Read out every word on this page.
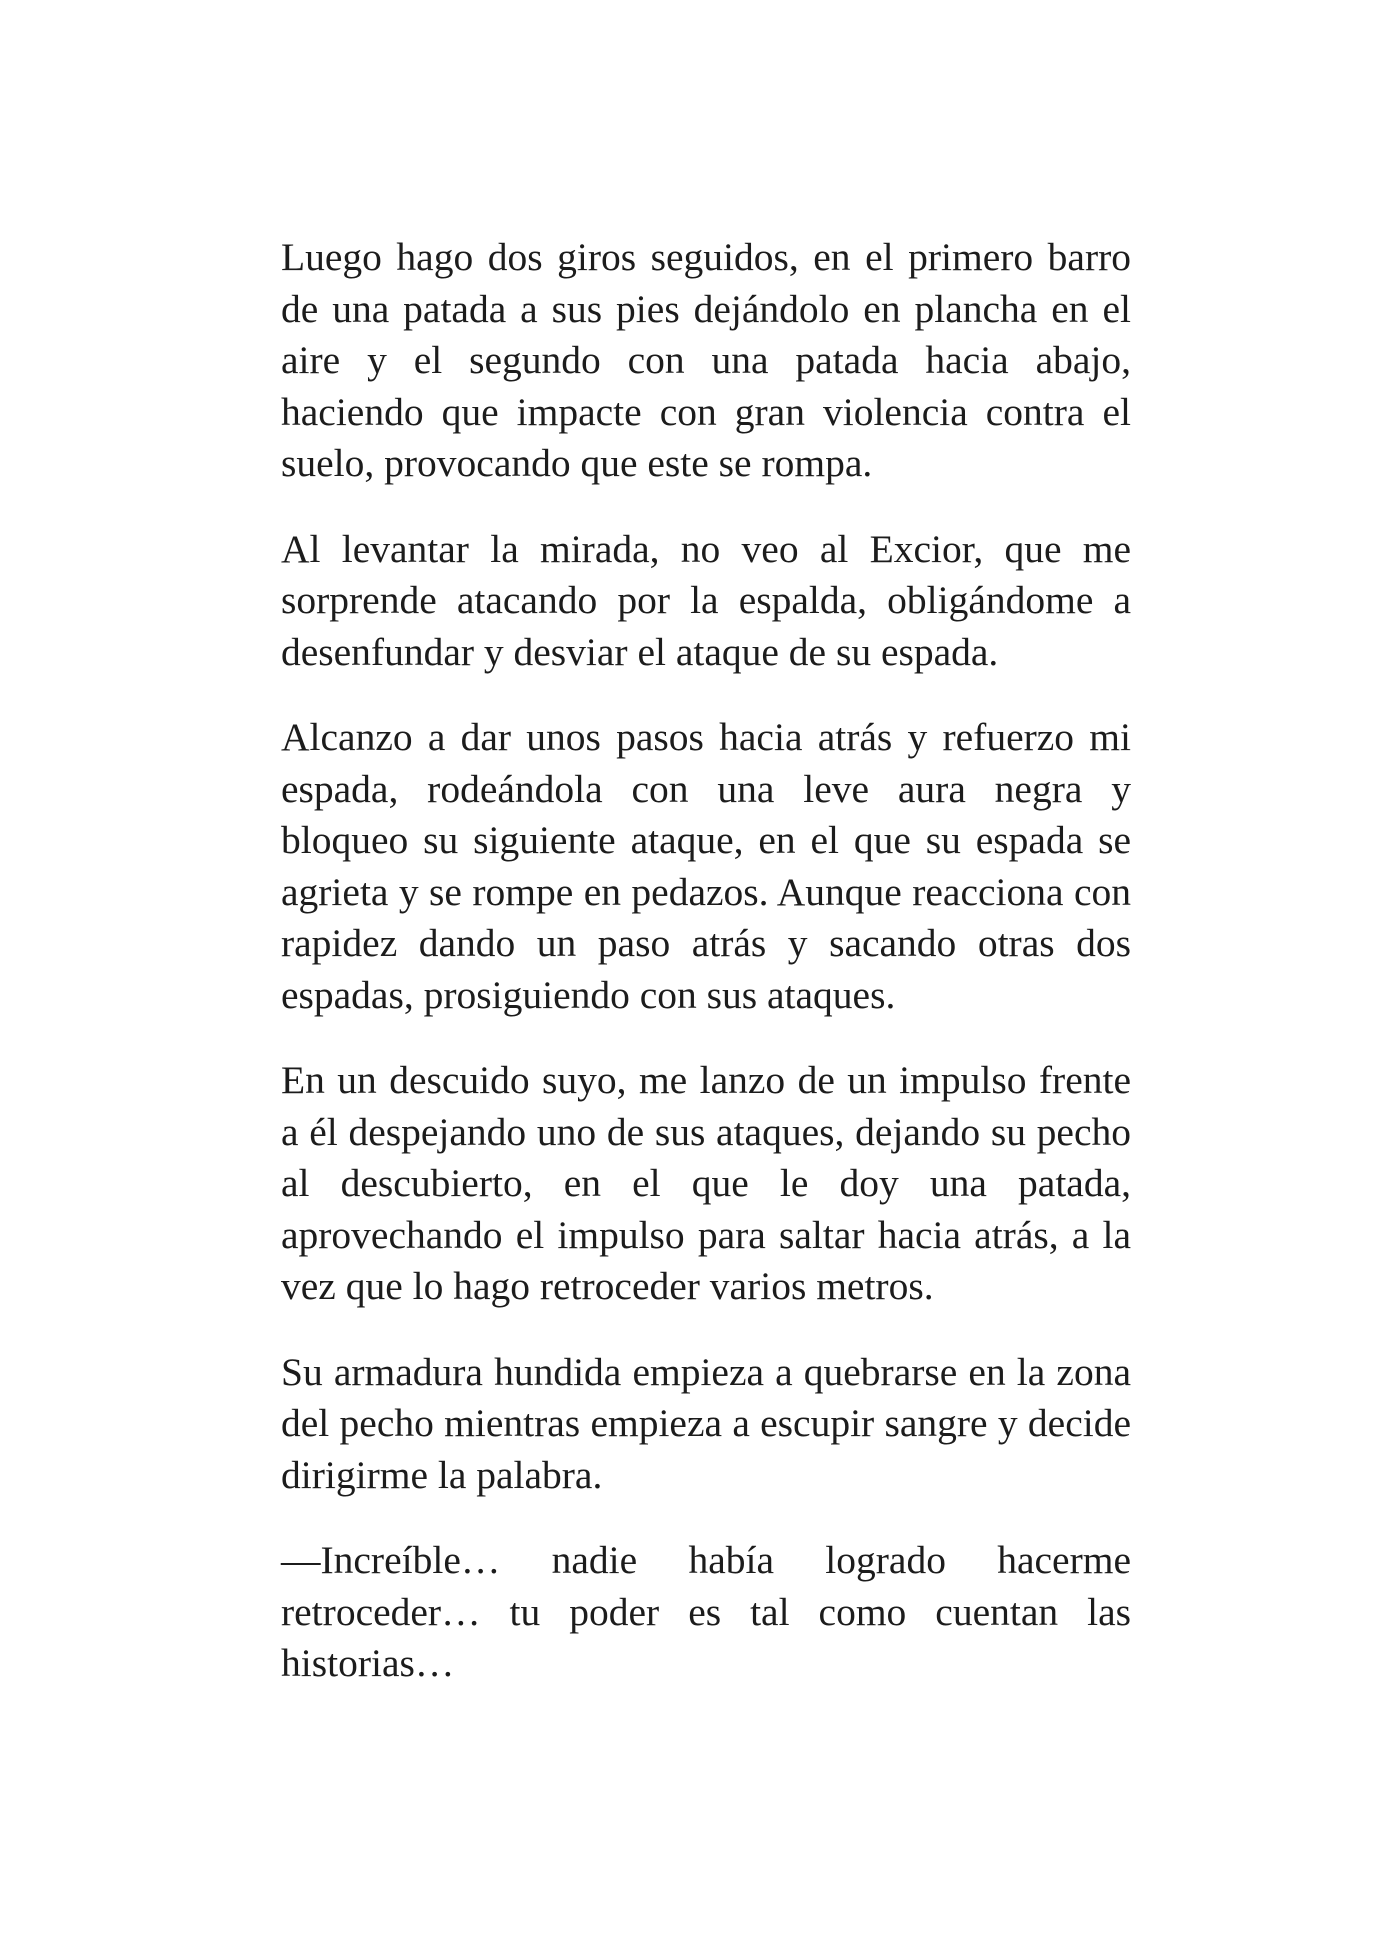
Luego hago dos giros seguidos, en el primero barro de una patada a sus pies dejándolo en plancha en el aire y el segundo con una patada hacia abajo, haciendo que impacte con gran violencia contra el suelo, provocando que este se rompa.

Al levantar la mirada, no veo al Excior, que me sorprende atacando por la espalda, obligándome a desenfundar y desviar el ataque de su espada.

Alcanzo a dar unos pasos hacia atrás y refuerzo mi espada, rodeándola con una leve aura negra y bloqueo su siguiente ataque, en el que su espada se agrieta y se rompe en pedazos. Aunque reacciona con rapidez dando un paso atrás y sacando otras dos espadas, prosiguiendo con sus ataques.

En un descuido suyo, me lanzo de un impulso frente a él despejando uno de sus ataques, dejando su pecho al descubierto, en el que le doy una patada, aprovechando el impulso para saltar hacia atrás, a la vez que lo hago retroceder varios metros.

Su armadura hundida empieza a quebrarse en la zona del pecho mientras empieza a escupir sangre y decide dirigirme la palabra.

—Increíble… nadie había logrado hacerme retroceder… tu poder es tal como cuentan las historias…
